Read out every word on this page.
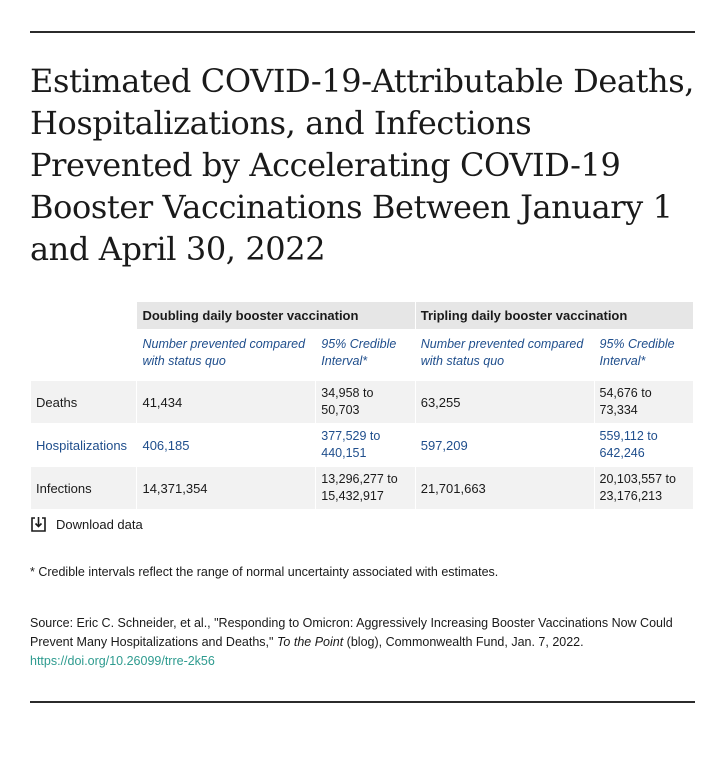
Estimated COVID-19-Attributable Deaths, Hospitalizations, and Infections Prevented by Accelerating COVID-19 Booster Vaccinations Between January 1 and April 30, 2022
	Doubling daily booster vaccination		Tripling daily booster vaccination	
	Number prevented compared with status quo	95% Credible Interval*	Number prevented compared with status quo	95% Credible Interval*
Deaths	41,434	34,958 to 50,703	63,255	54,676 to 73,334
Hospitalizations	406,185	377,529 to 440,151	597,209	559,112 to 642,246
Infections	14,371,354	13,296,277 to 15,432,917	21,701,663	20,103,557 to 23,176,213
Download data
* Credible intervals reflect the range of normal uncertainty associated with estimates.
Source: Eric C. Schneider, et al., "Responding to Omicron: Aggressively Increasing Booster Vaccinations Now Could Prevent Many Hospitalizations and Deaths," To the Point (blog), Commonwealth Fund, Jan. 7, 2022.
https://doi.org/10.26099/trre-2k56
